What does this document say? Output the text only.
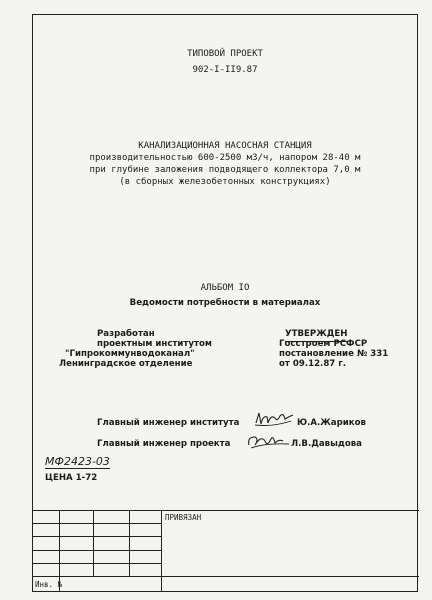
ТИПОВОЙ ПРОЕКТ
902-I-II9.87
КАНАЛИЗАЦИОННАЯ НАСОСНАЯ СТАНЦИЯ
производительностью 600-2500 м3/ч, напором 28-40 м
при глубине заложения подводящего коллектора 7,0 м
(в сборных железобетонных конструкциях)
АЛЬБОМ IO
Ведомости потребности в материалах
Разработан
проектным институтом
"Гипрокоммунводоканал"
Ленинградское отделение
УТВЕРЖДЕН
Госстроем РСФСР
постановление № 331
от 09.12.87 г.
Главный инженер института	Ю.А.Жариков
Главный инженер проекта	Л.В.Давыдова
МФ2423-03
ЦЕНА 1-72
ПРИВЯЗАН
Инв. №
